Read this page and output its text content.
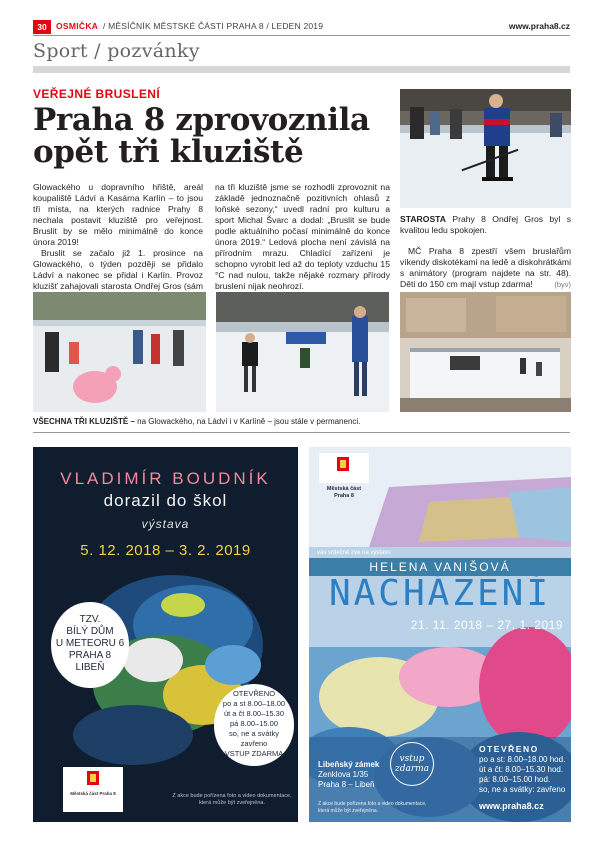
30	OSMIČKA / MĚSÍČNÍK MĚSTSKÉ ČÁSTI PRAHA 8 / LEDEN 2019	www.praha8.cz
Sport / pozvánky
VEŘEJNÉ BRUSLENÍ
Praha 8 zprovoznila
opět tři kluziště

Glowackého u dopravního hřiště, areál koupaliště Ládví a Kasárna Karlín – to jsou tři místa, na kterých radnice Prahy 8 nechala postavit kluziště pro veřejnost. Bruslit by se mělo minimálně do konce února 2019!

Bruslit se začalo již 1. prosince na Glowackého, o týden později se přidalo Ládví a nakonec se přidal i Karlín. Provoz kluzišť zahajovali starosta Ondřej Gros (sám

na tři kluziště jsme se rozhodli zprovoznit na základě jednoznačně pozitivních ohlasů z loňské sezony,“ uvedl radní pro kulturu a sport Michal Švarc a dodal: „Bruslit se bude podle aktuálního počasí minimálně do konce února 2019.“ Ledová plocha není závislá na přírodním mrazu. Chladící zařízení je schopno vyrobit led až do teploty vzduchu 15 °C nad nulou, takže nějaké rozmary přírody bruslení nijak neohrozí.

STAROSTA Prahy 8 Ondřej Gros byl s kvalitou ledu spokojen.

MČ Praha 8 zpestří všem bruslařům víkendy diskotékami na ledě a diskohrátkámi s animátory (program najdete na str. 48). Děti do 150 cm mají vstup zdarma!	(byv)

VŠECHNA TŘI KLUZIŠTĚ – na Glowackého, na Ládví i v Karlíně – jsou stále v permanenci.
VLADIMÍR BOUDNÍK
dorazil do škol
výstava
5. 12. 2018 – 3. 2. 2019
TZV.
BÍLÝ DŮM
U METEORU 6
PRAHA 8
LIBEŇ
OTEVŘENO
po a st 8.00–18.00
út a čt 8.00–15.30
pá 8.00–15.00
so, ne a svátky
zavřeno
VSTUP ZDARMA
Městská část Praha 8	Z akce bude pořízena foto a video dokumentace, která může být zveřejněna.
Městská část
Praha 8
vás srdečně zve na výstavu
HELENA VANIŠOVÁ
NACHÁZENÍ
21. 11. 2018 – 27. 1. 2019
Libeňský zámek
Zenklova 1/35
Praha 8 – Libeň
vstup
zdarma
OTEVŘENO
po a st: 8.00–18.00 hod.
út a čt: 8.00–15.30 hod.
pá: 8.00–15.00 hod.
so, ne a svátky: zavřeno
Z akce bude pořízena foto a video dokumentace, která může být zveřejněna.	www.praha8.cz
